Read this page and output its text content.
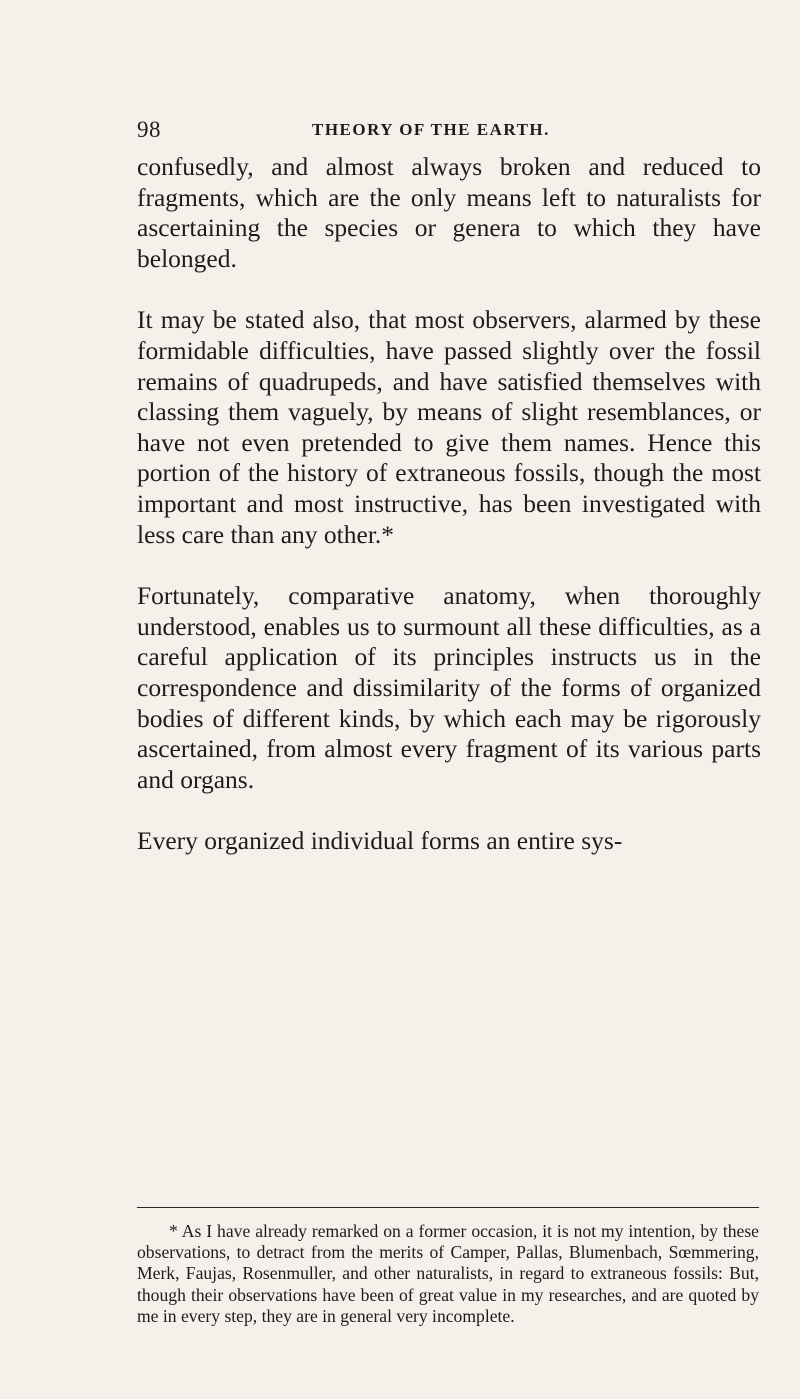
98	THEORY OF THE EARTH.

confusedly, and almost always broken and reduced to fragments, which are the only means left to naturalists for ascertaining the species or genera to which they have belonged.

It may be stated also, that most observers, alarmed by these formidable difficulties, have passed slightly over the fossil remains of quadrupeds, and have satisfied themselves with classing them vaguely, by means of slight resemblances, or have not even pretended to give them names. Hence this portion of the history of extraneous fossils, though the most important and most instructive, has been investigated with less care than any other.*

Fortunately, comparative anatomy, when thoroughly understood, enables us to surmount all these difficulties, as a careful application of its principles instructs us in the correspondence and dissimilarity of the forms of organized bodies of different kinds, by which each may be rigorously ascertained, from almost every fragment of its various parts and organs.

Every organized individual forms an entire sys-

* As I have already remarked on a former occasion, it is not my intention, by these observations, to detract from the merits of Camper, Pallas, Blumenbach, Sœmmering, Merk, Faujas, Rosenmuller, and other naturalists, in regard to extraneous fossils: But, though their observations have been of great value in my researches, and are quoted by me in every step, they are in general very incomplete.
